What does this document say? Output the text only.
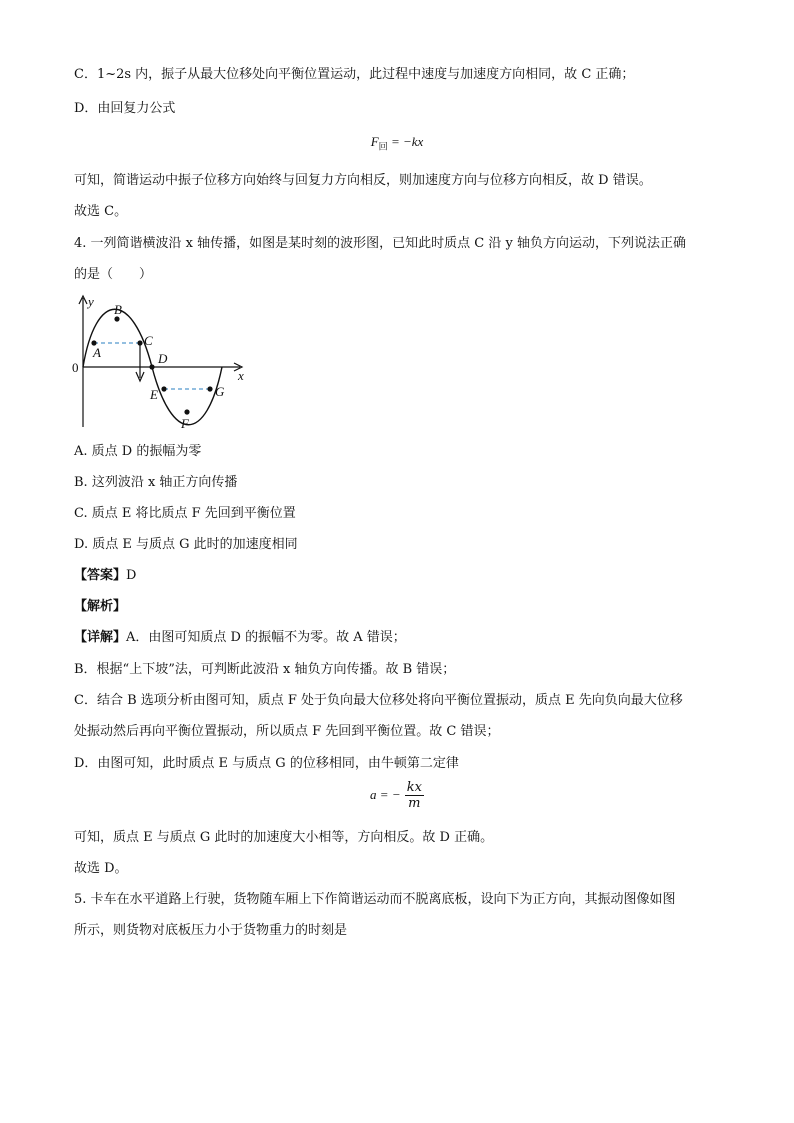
C．1~2s 内，振子从最大位移处向平衡位置运动，此过程中速度与加速度方向相同，故 C 正确；
D．由回复力公式
$F_回 = -kx$
可知，简谐运动中振子位移方向始终与回复力方向相反，则加速度方向与位移方向相反，故 D 错误。
故选 C。
4. 一列简谐横波沿 x 轴传播，如图是某时刻的波形图，已知此时质点 C 沿 y 轴负方向运动，下列说法正确
的是（　　）
y
x
0
A
B
C
D
E
F
G
A. 质点 D 的振幅为零
B. 这列波沿 x 轴正方向传播
C. 质点 E 将比质点 F 先回到平衡位置
D. 质点 E 与质点 G 此时的加速度相同
【答案】D
【解析】
【详解】A．由图可知质点 D 的振幅不为零。故 A 错误；
B．根据“上下坡”法，可判断此波沿 x 轴负方向传播。故 B 错误；
C．结合 B 选项分析由图可知，质点 F 处于负向最大位移处将向平衡位置振动，质点 E 先向负向最大位移
处振动然后再向平衡位置振动，所以质点 F 先回到平衡位置。故 C 错误；
D．由图可知，此时质点 E 与质点 G 的位移相同，由牛顿第二定律
a = − $\frac{kx}{m}$
可知，质点 E 与质点 G 此时的加速度大小相等，方向相反。故 D 正确。
故选 D。
5. 卡车在水平道路上行驶，货物随车厢上下作简谐运动而不脱离底板，设向下为正方向，其振动图像如图
所示，则货物对底板压力小于货物重力的时刻是
